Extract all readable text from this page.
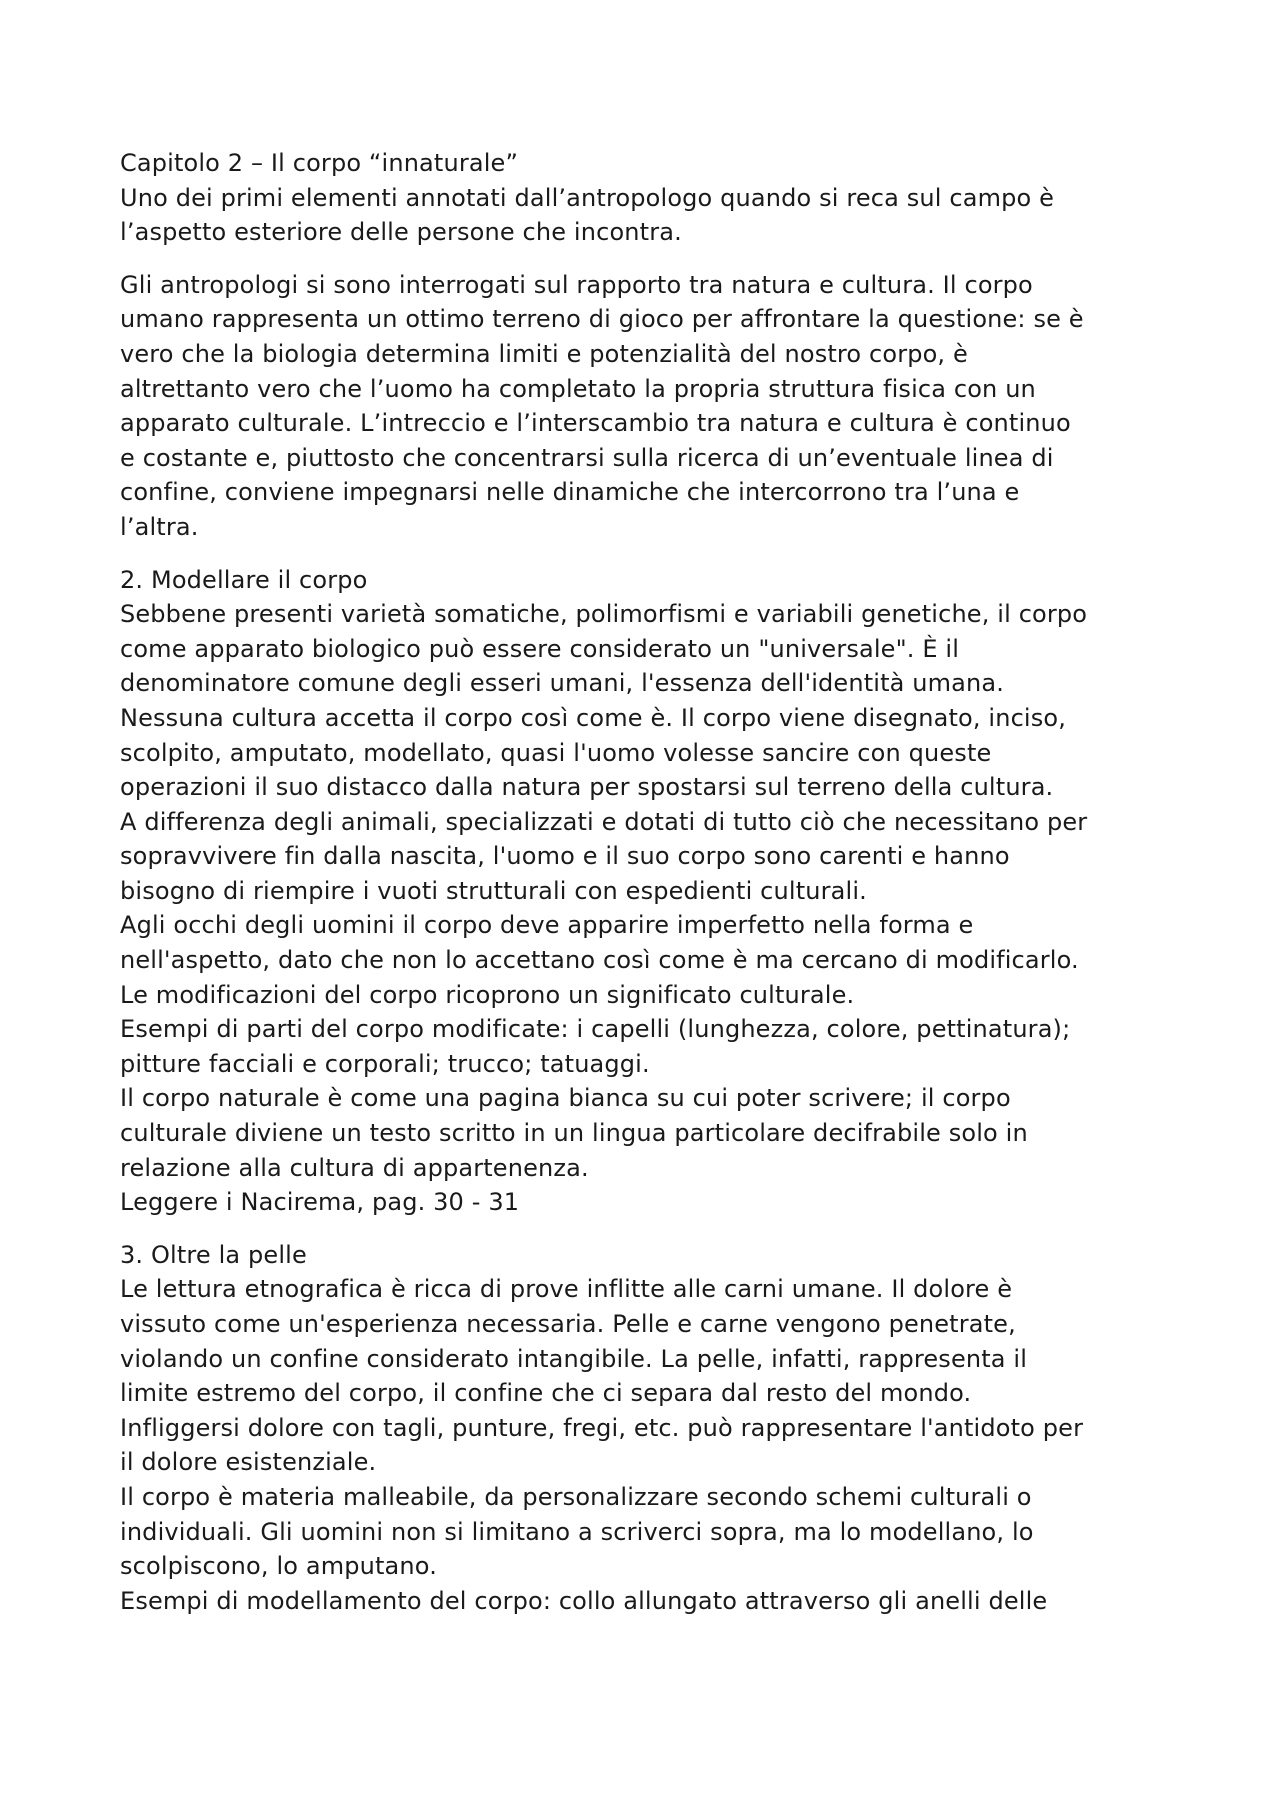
Capitolo 2 – Il corpo “innaturale”

Uno dei primi elementi annotati dall’antropologo quando si reca sul campo è
l’aspetto esteriore delle persone che incontra.
Gli antropologi si sono interrogati sul rapporto tra natura e cultura. Il corpo
umano rappresenta un ottimo terreno di gioco per affrontare la questione: se è
vero che la biologia determina limiti e potenzialità del nostro corpo, è
altrettanto vero che l’uomo ha completato la propria struttura fisica con un
apparato culturale. L’intreccio e l’interscambio tra natura e cultura è continuo
e costante e, piuttosto che concentrarsi sulla ricerca di un’eventuale linea di
confine, conviene impegnarsi nelle dinamiche che intercorrono tra l’una e
l’altra.
2. Modellare il corpo
Sebbene presenti varietà somatiche, polimorfismi e variabili genetiche, il corpo
come apparato biologico può essere considerato un "universale". È il
denominatore comune degli esseri umani, l'essenza dell'identità umana.
Nessuna cultura accetta il corpo così come è. Il corpo viene disegnato, inciso,
scolpito, amputato, modellato, quasi l'uomo volesse sancire con queste
operazioni il suo distacco dalla natura per spostarsi sul terreno della cultura.
A differenza degli animali, specializzati e dotati di tutto ciò che necessitano per
sopravvivere fin dalla nascita, l'uomo e il suo corpo sono carenti e hanno
bisogno di riempire i vuoti strutturali con espedienti culturali.
Agli occhi degli uomini il corpo deve apparire imperfetto nella forma e
nell'aspetto, dato che non lo accettano così come è ma cercano di modificarlo.
Le modificazioni del corpo ricoprono un significato culturale.
Esempi di parti del corpo modificate: i capelli (lunghezza, colore, pettinatura);
pitture facciali e corporali; trucco; tatuaggi.
Il corpo naturale è come una pagina bianca su cui poter scrivere; il corpo
culturale diviene un testo scritto in un lingua particolare decifrabile solo in
relazione alla cultura di appartenenza.
Leggere i Nacirema, pag. 30 - 31
3. Oltre la pelle
Le lettura etnografica è ricca di prove inflitte alle carni umane. Il dolore è
vissuto come un'esperienza necessaria. Pelle e carne vengono penetrate,
violando un confine considerato intangibile. La pelle, infatti, rappresenta il
limite estremo del corpo, il confine che ci separa dal resto del mondo.
Infliggersi dolore con tagli, punture, fregi, etc. può rappresentare l'antidoto per
il dolore esistenziale.
Il corpo è materia malleabile, da personalizzare secondo schemi culturali o
individuali. Gli uomini non si limitano a scriverci sopra, ma lo modellano, lo
scolpiscono, lo amputano.
Esempi di modellamento del corpo: collo allungato attraverso gli anelli delle
